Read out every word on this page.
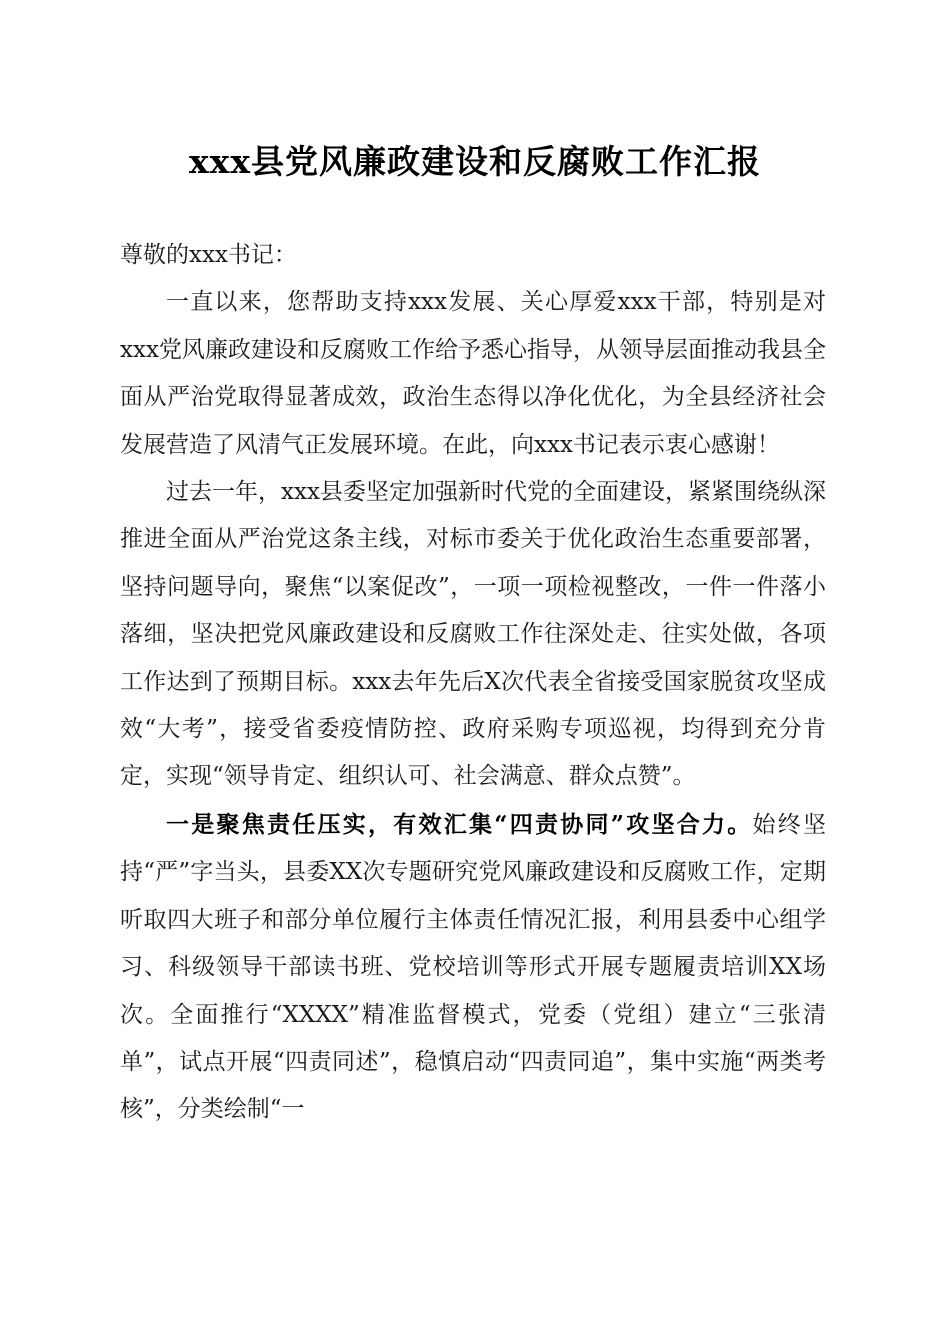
xxx县党风廉政建设和反腐败工作汇报

尊敬的xxx书记：

一直以来，您帮助支持xxx发展、关心厚爱xxx干部，特别是对xxx党风廉政建设和反腐败工作给予悉心指导，从领导层面推动我县全面从严治党取得显著成效，政治生态得以净化优化，为全县经济社会发展营造了风清气正发展环境。在此，向xxx书记表示衷心感谢！

过去一年，xxx县委坚定加强新时代党的全面建设，紧紧围绕纵深推进全面从严治党这条主线，对标市委关于优化政治生态重要部署，坚持问题导向，聚焦“以案促改”，一项一项检视整改，一件一件落小落细，坚决把党风廉政建设和反腐败工作往深处走、往实处做，各项工作达到了预期目标。xxx去年先后X次代表全省接受国家脱贫攻坚成效“大考”，接受省委疫情防控、政府采购专项巡视，均得到充分肯定，实现“领导肯定、组织认可、社会满意、群众点赞”。

一是聚焦责任压实，有效汇集“四责协同”攻坚合力。始终坚持“严”字当头，县委XX次专题研究党风廉政建设和反腐败工作，定期听取四大班子和部分单位履行主体责任情况汇报，利用县委中心组学习、科级领导干部读书班、党校培训等形式开展专题履责培训XX场次。全面推行“XXXX”精准监督模式，党委（党组）建立“三张清单”，试点开展“四责同述”，稳慎启动“四责同追”，集中实施“两类考核”，分类绘制“一
